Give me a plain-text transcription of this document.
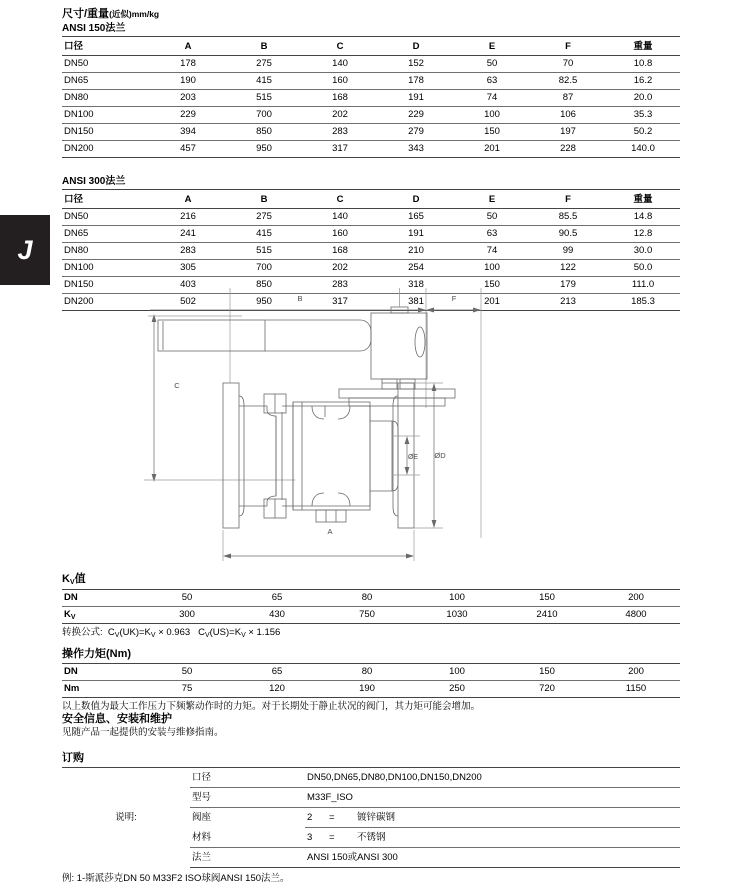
J
尺寸/重量(近似)mm/kg
ANSI 150法兰

口径	A	B	C	D	E	F	重量
DN50	178	275	140	152	50	70	10.8
DN65	190	415	160	178	63	82.5	16.2
DN80	203	515	168	191	74	87	20.0
DN100	229	700	202	229	100	106	35.3
DN150	394	850	283	279	150	197	50.2
DN200	457	950	317	343	201	228	140.0
ANSI 300法兰

口径	A	B	C	D	E	F	重量
DN50	216	275	140	165	50	85.5	14.8
DN65	241	415	160	191	63	90.5	12.8
DN80	283	515	168	210	74	99	30.0
DN100	305	700	202	254	100	122	50.0
DN150	403	850	283	318	150	179	111.0
DN200	502	950	317	381	201	213	185.3
B	F
C
A
ØD
ØE
$K_V$值
DN	50	65	80	100	150	200
$K_V$	300	430	750	1030	2410	4800
转换公式: $C_V(UK)=K_V \times 0.963$ $C_V(US)=K_V \times 1.156$
操作力矩(Nm)
DN	50	65	80	100	150	200
Nm	75	120	190	250	720	1150
以上数值为最大工作压力下频繁动作时的力矩。对于长期处于静止状况的阀门，其力矩可能会增加。
安全信息、安装和维护
见随产品一起提供的安装与维修指南。
订购
说明:	口径	DN50,DN65,DN80,DN100,DN150,DN200
	型号	M33F_ISO
	阀座	2 = 镀锌碳钢

	材料	3 = 不锈钢

	法兰	ANSI 150或ANSI 300
例: 1-斯派莎克DN 50 M33F2 ISO球阀ANSI 150法兰。
